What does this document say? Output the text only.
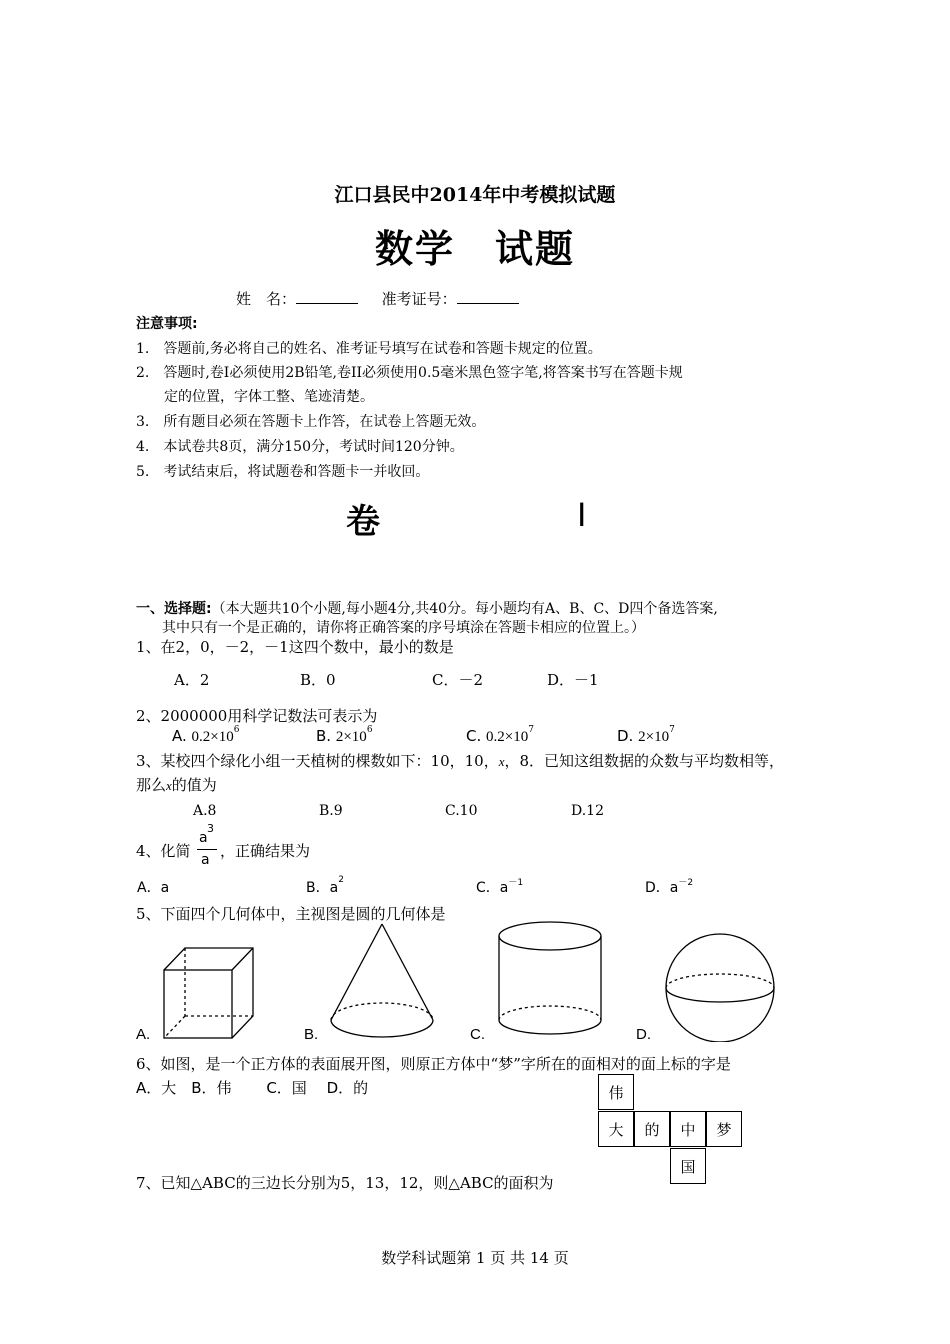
江口县民中2014年中考模拟试题
数学　试题
姓　名：	准考证号：
注意事项:
1.　答题前,务必将自己的姓名、准考证号填写在试卷和答题卡规定的位置。
2.　答题时,卷I必须使用2B铅笔,卷II必须使用0.5毫米黑色签字笔,将答案书写在答题卡规
定的位置，字体工整、笔迹清楚。
3.　所有题目必须在答题卡上作答，在试卷上答题无效。
4.　本试卷共8页，满分150分，考试时间120分钟。
5.　考试结束后，将试题卷和答题卡一并收回。
卷	Ⅰ
一、选择题:（本大题共10个小题,每小题4分,共40分。每小题均有A、B、C、D四个备选答案,
其中只有一个是正确的，请你将正确答案的序号填涂在答题卡相应的位置上。）
1、在2，0，－2，－1这四个数中，最小的数是
A．2	B．0	C．－2	D．－1
2、2000000用科学记数法可表示为
A. $0.2\times 10^6$	B. $2\times 10^6$	C. $0.2\times 10^7$	D. $2\times 10^7$
3、某校四个绿化小组一天植树的棵数如下：10，10，x，8．已知这组数据的众数与平均数相等，
那么x的值为
A.8	B.9	C.10	D.12
4、化简
a
3
a ，正确结果为
A．a	B．$a^2$	C．$a^{-1}$	D．$a^{-2}$
5、下面四个几何体中，主视图是圆的几何体是
A.	B.	C.	D.
6、如图，是一个正方体的表面展开图，则原正方体中“梦”字所在的面相对的面上标的字是
A．大　B．伟　　 C．国　 D．的	伟
大	的	中	梦
国
7、已知△ABC的三边长分别为5，13，12，则△ABC的面积为
数学科试题第 1 页 共 14 页
